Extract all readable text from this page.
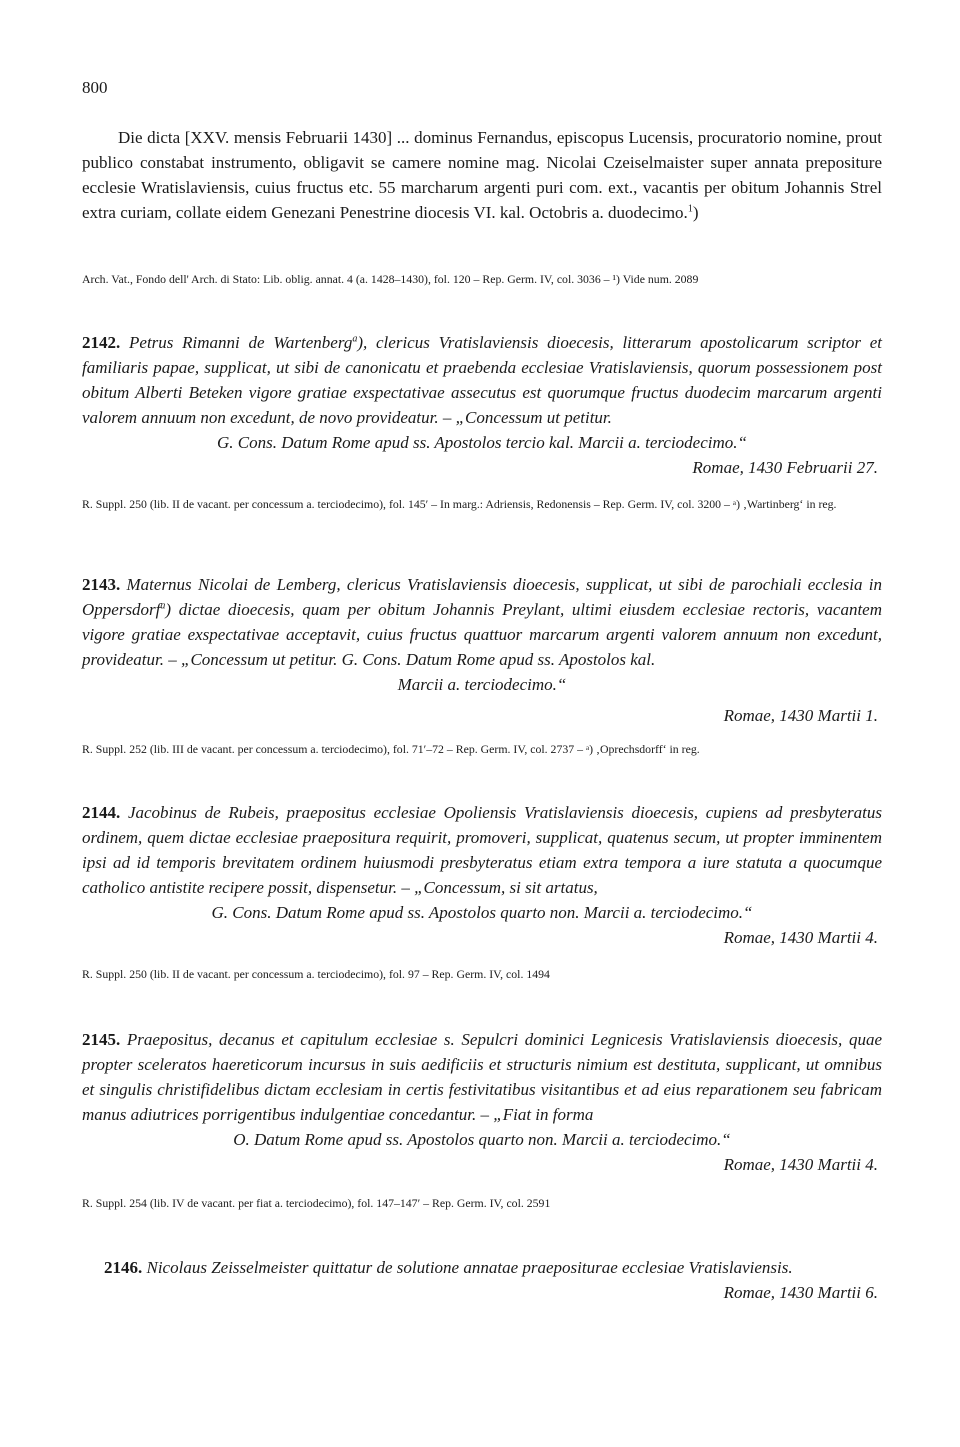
800

Die dicta [XXV. mensis Februarii 1430] ... dominus Fernandus, episcopus Lucensis, procuratorio nomine, prout publico constabat instrumento, obligavit se camere nomine mag. Nicolai Czeiselmaister super annata prepositure ecclesie Wratislaviensis, cuius fructus etc. 55 marcharum argenti puri com. ext., vacantis per obitum Johannis Strel extra curiam, collate eidem Genezani Penestrine diocesis VI. kal. Octobris a. duodecimo.$^1$)

Arch. Vat., Fondo dell' Arch. di Stato: Lib. oblig. annat. 4 (a. 1428–1430), fol. 120 – Rep. Germ. IV, col. 3036 – ¹) Vide num. 2089

2142. Petrus Rimanni de Wartenberg$^a$), clericus Vratislaviensis dioecesis, litterarum apostolicarum scriptor et familiaris papae, supplicat, ut sibi de canonicatu et praebenda ecclesiae Vratislaviensis, quorum possessionem post obitum Alberti Beteken vigore gratiae exspectativae assecutus est quorumque fructus duodecim marcarum argenti valorem annuum non excedunt, de novo provideatur. – „Concessum ut petitur.

G. Cons. Datum Rome apud ss. Apostolos tercio kal. Marcii a. terciodecimo.“

Romae, 1430 Februarii 27.

R. Suppl. 250 (lib. II de vacant. per concessum a. terciodecimo), fol. 145′ – In marg.: Adriensis, Redonensis – Rep. Germ. IV, col. 3200 – ᵃ) ‚Wartinberg‘ in reg.

2143. Maternus Nicolai de Lemberg, clericus Vratislaviensis dioecesis, supplicat, ut sibi de parochiali ecclesia in Oppersdorf$^a$) dictae dioecesis, quam per obitum Johannis Preylant, ultimi eiusdem ecclesiae rectoris, vacantem vigore gratiae exspectativae acceptavit, cuius fructus quattuor marcarum argenti valorem annuum non excedunt, provideatur. – „Concessum ut petitur. G. Cons. Datum Rome apud ss. Apostolos kal.

Marcii a. terciodecimo.“

Romae, 1430 Martii 1.

R. Suppl. 252 (lib. III de vacant. per concessum a. terciodecimo), fol. 71′–72 – Rep. Germ. IV, col. 2737 – ᵃ) ‚Oprechsdorff‘ in reg.

2144. Jacobinus de Rubeis, praepositus ecclesiae Opoliensis Vratislaviensis dioecesis, cupiens ad presbyteratus ordinem, quem dictae ecclesiae praepositura requirit, promoveri, supplicat, quatenus secum, ut propter imminentem ipsi ad id temporis brevitatem ordinem huiusmodi presbyteratus etiam extra tempora a iure statuta a quocumque catholico antistite recipere possit, dispensetur. – „Concessum, si sit artatus,

G. Cons. Datum Rome apud ss. Apostolos quarto non. Marcii a. terciodecimo.“

Romae, 1430 Martii 4.

R. Suppl. 250 (lib. II de vacant. per concessum a. terciodecimo), fol. 97 – Rep. Germ. IV, col. 1494

2145. Praepositus, decanus et capitulum ecclesiae s. Sepulcri dominici Legnicesis Vratislaviensis dioecesis, quae propter sceleratos haereticorum incursus in suis aedificiis et structuris nimium est destituta, supplicant, ut omnibus et singulis christifidelibus dictam ecclesiam in certis festivitatibus visitantibus et ad eius reparationem seu fabricam manus adiutrices porrigentibus indulgentiae concedantur. – „Fiat in forma

O. Datum Rome apud ss. Apostolos quarto non. Marcii a. terciodecimo.“

Romae, 1430 Martii 4.

R. Suppl. 254 (lib. IV de vacant. per fiat a. terciodecimo), fol. 147–147′ – Rep. Germ. IV, col. 2591

2146. Nicolaus Zeisselmeister quittatur de solutione annatae praepositurae ecclesiae Vratislaviensis.

Romae, 1430 Martii 6.
